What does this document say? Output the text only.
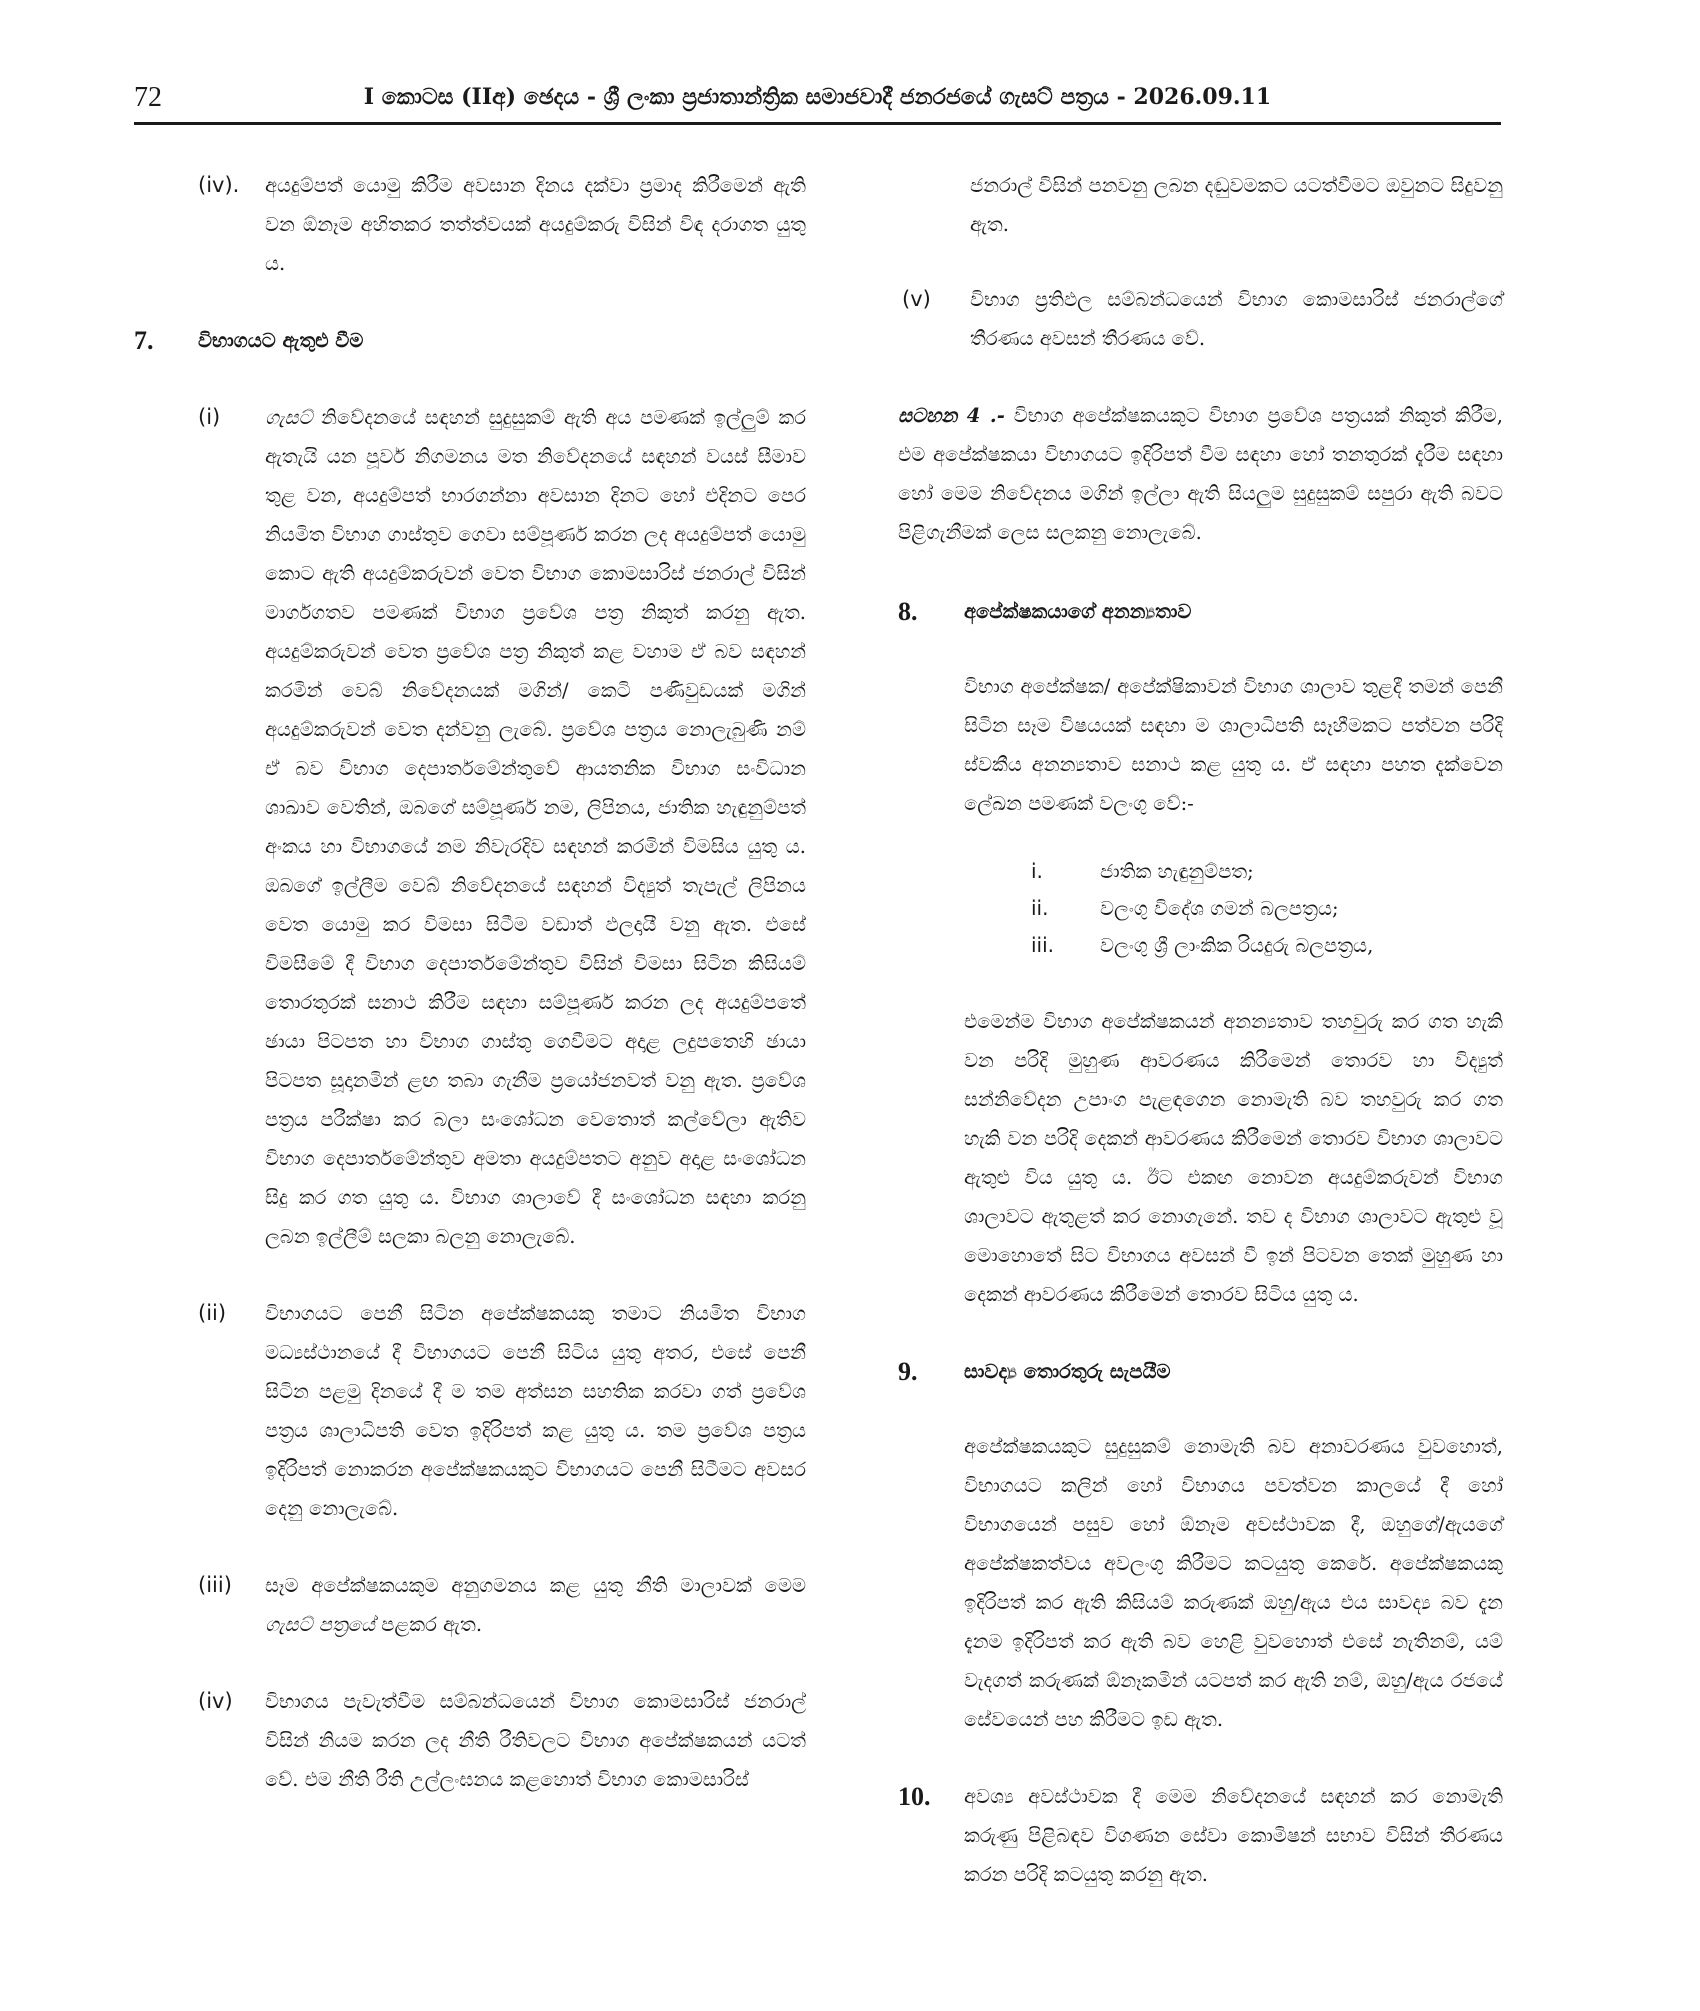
72	I කොටස (IIඅ) ඡෙදය - ශ්‍රී ලංකා ප්‍රජාතාන්ත්‍රික සමාජවාදී ජනරජයේ ගැසට් පත්‍රය - 2026.09.11
(iv). අයදුම්පත් යොමු කිරීම අවසාන දිනය දක්වා ප්‍රමාද කිරීමෙන් ඇති වන ඕනෑම අහිතකර තත්ත්වයක් අයදුම්කරු විසින් විඳ දරාගත යුතු ය.

7. විභාගයට ඇතුළු වීම
(i) ගැසට් නිවේදනයේ සඳහන් සුදුසුකම් ඇති අය පමණක් ඉල්ලුම් කර ඇතැයි යන පූර්ව නිගමනය මත නිවේදනයේ සඳහන් වයස් සීමාව තුළ වන, අයදුම්පත් භාරගන්නා අවසාන දිනට හෝ එදිනට පෙර නියමිත විභාග ගාස්තුව ගෙවා සම්පූර්ණ කරන ලද අයදුම්පත් යොමු කොට ඇති අයදුම්කරුවන් වෙත විභාග කොමසාරිස් ජනරාල් විසින් මාර්ගගතව පමණක් විභාග ප්‍රවේශ පත්‍ර නිකුත් කරනු ඇත. අයදුම්කරුවන් වෙත ප්‍රවේශ පත්‍ර නිකුත් කළ වහාම ඒ බව සඳහන් කරමින් වෙබ් නිවේදනයක් මගින්/ කෙටි පණිවුඩයක් මගින් අයදුම්කරුවන් වෙත දන්වනු ලැබේ. ප්‍රවේශ පත්‍රය නොලැබුණි නම් ඒ බව විභාග දෙපාර්තමේන්තුවේ ආයතනික විභාග සංවිධාන ශාඛාව වෙතින්, ඔබගේ සම්පූර්ණ නම, ලිපිනය, ජාතික හැඳුනුම්පත් අංකය හා විභාගයේ නම නිවැරදිව සඳහන් කරමින් විමසිය යුතු ය. ඔබගේ ඉල්ලීම වෙබ් නිවේදනයේ සඳහන් විද්‍යුත් තැපැල් ලිපිනය වෙත යොමු කර විමසා සිටීම වඩාත් ඵලදායී වනු ඇත. එසේ විමසීමේ දී විභාග දෙපාර්තමේන්තුව විසින් විමසා සිටින කිසියම් තොරතුරක් සනාථ කිරීම සඳහා සම්පූර්ණ කරන ලද අයදුම්පතේ ඡායා පිටපත හා විභාග ගාස්තු ගෙවීමට අදාළ ලදුපතෙහි ඡායා පිටපත සූදානමින් ළඟ තබා ගැනීම ප්‍රයෝජනවත් වනු ඇත. ප්‍රවේශ පත්‍රය පරීක්ෂා කර බලා සංශෝධන වෙතොත් කල්වේලා ඇතිව විභාග දෙපාර්තමේන්තුව අමතා අයදුම්පතට අනුව අදාළ සංශෝධන සිදු කර ගත යුතු ය. විභාග ශාලාවේ දී සංශෝධන සඳහා කරනු ලබන ඉල්ලීම් සලකා බලනු නොලැබේ.

(ii) විභාගයට පෙනී සිටින අපේක්ෂකයකු තමාට නියමිත විභාග මධ්‍යස්ථානයේ දී විභාගයට පෙනී සිටිය යුතු අතර, එසේ පෙනී සිටින පළමු දිනයේ දී ම තම අත්සන සහතික කරවා ගත් ප්‍රවේශ පත්‍රය ශාලාධිපති වෙත ඉදිරිපත් කළ යුතු ය. තම ප්‍රවේශ පත්‍රය ඉදිරිපත් නොකරන අපේක්ෂකයකුට විභාගයට පෙනී සිටීමට අවසර දෙනු නොලැබේ.

(iii) සෑම අපේක්ෂකයකුම අනුගමනය කළ යුතු නීති මාලාවක් මෙම ගැසට් පත්‍රයේ පළකර ඇත.

(iv) විභාගය පැවැත්වීම සම්බන්ධයෙන් විභාග කොමසාරිස් ජනරාල් විසින් නියම කරන ලද නීති රීතිවලට විභාග අපේක්ෂකයන් යටත් වේ. එම නීති රීති උල්ලංඝනය කළහොත් විභාග කොමසාරිස්

ජනරාල් විසින් පනවනු ලබන දඬුවමකට යටත්වීමට ඔවුනට සිදුවනු ඇත.

(v) විභාග ප්‍රතිඵල සම්බන්ධයෙන් විභාග කොමසාරිස් ජනරාල්ගේ තීරණය අවසන් තීරණය වේ.

සටහන 4 .- විභාග අපේක්ෂකයකුට විභාග ප්‍රවේශ පත්‍රයක් නිකුත් කිරීම, එම අපේක්ෂකයා විභාගයට ඉදිරිපත් වීම සඳහා හෝ තනතුරක් දැරීම සඳහා හෝ මෙම නිවේදනය මගින් ඉල්ලා ඇති සියලුම සුදුසුකම් සපුරා ඇති බවට පිළිගැනීමක් ලෙස සලකනු නොලැබේ.

8. අපේක්ෂකයාගේ අනන්‍යතාව

විභාග අපේක්ෂක/ අපේක්ෂිකාවන් විභාග ශාලාව තුළදී තමන් පෙනී සිටින සෑම විෂයයක් සඳහා ම ශාලාධිපති සෑහීමකට පත්වන පරිදි ස්වකීය අනන්‍යතාව සනාථ කළ යුතු ය. ඒ සඳහා පහත දැක්වෙන ලේඛන පමණක් වලංගු වේ:-

i.	ජාතික හැඳුනුම්පත;
ii.	වලංගු විදේශ ගමන් බලපත්‍රය;
iii. වලංගු ශ්‍රී ලාංකික රියදුරු බලපත්‍රය,

එමෙන්ම විභාග අපේක්ෂකයන් අනන්‍යතාව තහවුරු කර ගත හැකි වන පරිදි මුහුණ ආවරණය කිරීමෙන් තොරව හා විද්‍යුත් සන්නිවේදන උපාංග පැළඳගෙන නොමැති බව තහවුරු කර ගත හැකි වන පරිදි දෙකන් ආවරණය කිරීමෙන් තොරව විභාග ශාලාවට ඇතුළු විය යුතු ය. ඊට එකඟ නොවන අයදුම්කරුවන් විභාග ශාලාවට ඇතුළත් කර නොගැනේ. තව ද විභාග ශාලාවට ඇතුළු වූ මොහොතේ සිට විභාගය අවසන් වී ඉන් පිටවන තෙක් මුහුණ හා දෙකන් ආවරණය කිරීමෙන් තොරව සිටිය යුතු ය.

9. සාවද්‍ය තොරතුරු සැපයීම

අපේක්ෂකයකුට සුදුසුකම් නොමැති බව අනාවරණය වුවහොත්, විභාගයට කලින් හෝ විභාගය පවත්වන කාලයේ දී හෝ විභාගයෙන් පසුව හෝ ඕනෑම අවස්ථාවක දී, ඔහුගේ/ඇයගේ අපේක්ෂකත්වය අවලංගු කිරීමට කටයුතු කෙරේ. අපේක්ෂකයකු ඉදිරිපත් කර ඇති කිසියම් කරුණක් ඔහු/ඇය එය සාවද්‍ය බව දැන දැනම ඉදිරිපත් කර ඇති බව හෙළි වුවහොත් එසේ නැතිනම්, යම් වැදගත් කරුණක් ඕනෑකමින් යටපත් කර ඇති නම්, ඔහු/ඇය රජයේ සේවයෙන් පහ කිරීමට ඉඩ ඇත.

10. අවශ්‍ය අවස්ථාවක දී මෙම නිවේදනයේ සඳහන් කර නොමැති කරුණු පිළිබඳව විගණන සේවා කොමිෂන් සභාව විසින් තීරණය කරන පරිදි කටයුතු කරනු ඇත.
